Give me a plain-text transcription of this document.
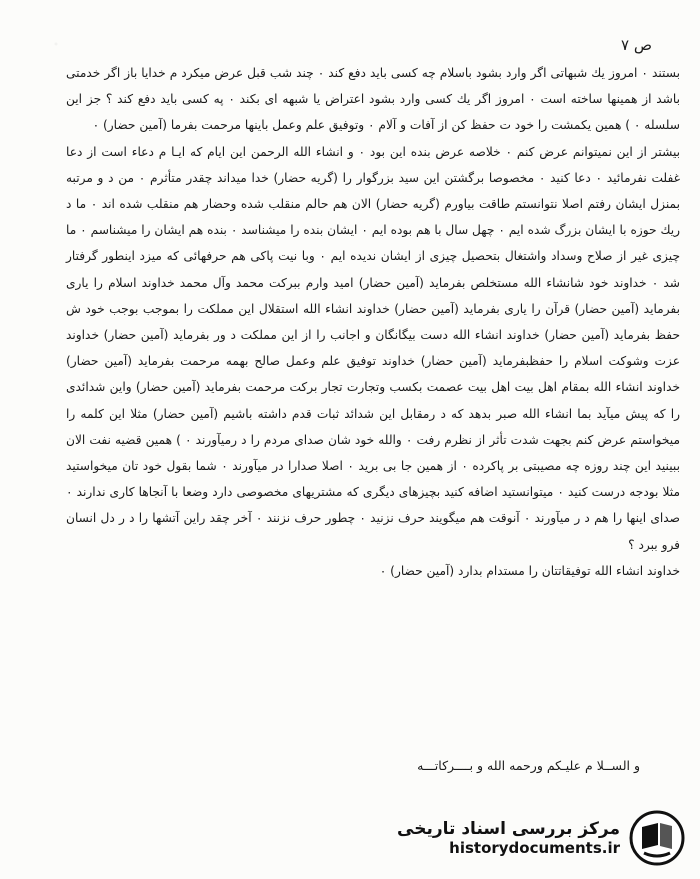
ص ۷

بستند ۰ امروز یك شبهاتی اگر وارد بشود باسلام چه کسی باید دفع کند ۰ چند شب قبل عرض میکرد م خدایا باز اگر خدمتی باشد از همینها ساخته است ۰ امروز اگر یك کسی وارد بشود اعتراض یا شبهه ای بکند ۰ په کسی باید دفع کند ؟ جز این سلسله ۰ ) همین یکمشت را خود ت حفظ کن از آفات و آلام ۰ وتوفیق علم وعمل باینها مرحمت بفرما (آمین حضار) ۰

بیشتر از این نمیتوانم عرض کنم ۰ خلاصه عرض بنده این بود ۰ و انشاء الله الرحمن این ایام که ایـا م دعاء است از دعا غفلت نفرمائید ۰ دعا کنید ۰ مخصوصا برگشتن این سید بزرگوار را (گریه حضار) خدا میداند چقدر متأثرم ۰ من د و مرتبه بمنزل ایشان رفتم اصلا نتوانستم طاقت بیاورم (گریه حضار) الان هم حالم منقلب شده وحضار هم منقلب شده اند ۰ ما د ریك حوزه با ایشان بزرگ شده ایم ۰ چهل سال با هم بوده ایم ۰ ایشان بنده را میشناسد ۰ بنده هم ایشان را میشناسم ۰ ما چیزی غیر از صلاح وسداد واشتغال بتحصیل چیزی از ایشان ندیده ایم ۰ وبا نیت پاکی هم حرفهائی که میزد اینطور گرفتار شد ۰ خداوند خود شانشاء الله مستخلص بفرماید (آمین حضار) امید وارم ببرکت محمد وآل محمد خداوند اسلام را یاری بفرماید (آمین حضار) قرآن را یاری بفرماید (آمین حضار) خداوند انشاء الله استقلال این مملکت را بموجب بوجب خود ش حفظ بفرماید (آمین حضار) خداوند انشاء الله دست بیگانگان و اجانب را از این مملکت د ور بفرماید (آمین حضار) خداوند عزت وشوکت اسلام را حفظبفرماید (آمین حضار) خداوند توفیق علم وعمل صالح بهمه مرحمت بفرماید (آمین حضار) خداوند انشاء الله بمقام اهل بیت اهل بیت عصمت بکسب وتجارت تجار برکت مرحمت بفرماید (آمین حضار) واین شدائدی را که پیش میآید بما انشاء الله صبر بدهد که د رمقابل این شدائد ثبات قدم داشته باشیم (آمین حضار) مثلا این کلمه را میخواستم عرض کنم بجهت شدت تأثر از نظرم رفت ۰ والله خود شان صدای مردم را د رمیآورند ۰ ) همین قضیه نفت الان ببینید این چند روزه چه مصیبتی بر پاکرده ۰ از همین جا بی برید ۰ اصلا صدارا در میآورند ۰ شما بقول خود تان میخواستید مثلا بودجه درست کنید ۰ میتوانستید اضافه کنید بچیزهای دیگری که مشتریهای مخصوصی دارد وضعا با آنجاها کاری ندارند ۰ صدای اینها را هم د ر میآورند ۰ آنوقت هم میگویند حرف نزنید ۰ چطور حرف نزنند ۰ آخر چقد راین آتشها را د ر دل انسان فرو ببرد ؟

خداوند انشاء الله توفیقاتتان را مستدام بدارد (آمین حضار) ۰

و الســلا م علیـکم ورحمه الله و بــــرکاتـــه
مرکز بررسی اسناد تاریخی
historydocuments.ir
